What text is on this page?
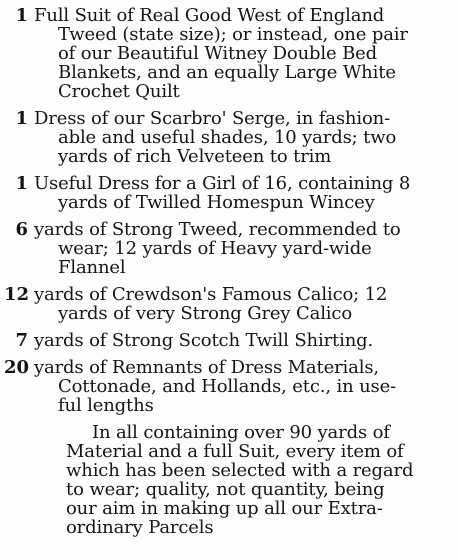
1 Full Suit of Real Good West of England
Tweed (state size); or instead, one pair
of our Beautiful Witney Double Bed
Blankets, and an equally Large White
Crochet Quilt
1 Dress of our Scarbro' Serge, in fashion-
able and useful shades, 10 yards; two
yards of rich Velveteen to trim
1 Useful Dress for a Girl of 16, containing 8
yards of Twilled Homespun Wincey
6 yards of Strong Tweed, recommended to
wear; 12 yards of Heavy yard-wide
Flannel
12 yards of Crewdson's Famous Calico; 12
yards of very Strong Grey Calico
7 yards of Strong Scotch Twill Shirting.
20 yards of Remnants of Dress Materials,
Cottonade, and Hollands, etc., in use-
ful lengths
In all containing over 90 yards of
Material and a full Suit, every item of
which has been selected with a regard
to wear; quality, not quantity, being
our aim in making up all our Extra-
ordinary Parcels
